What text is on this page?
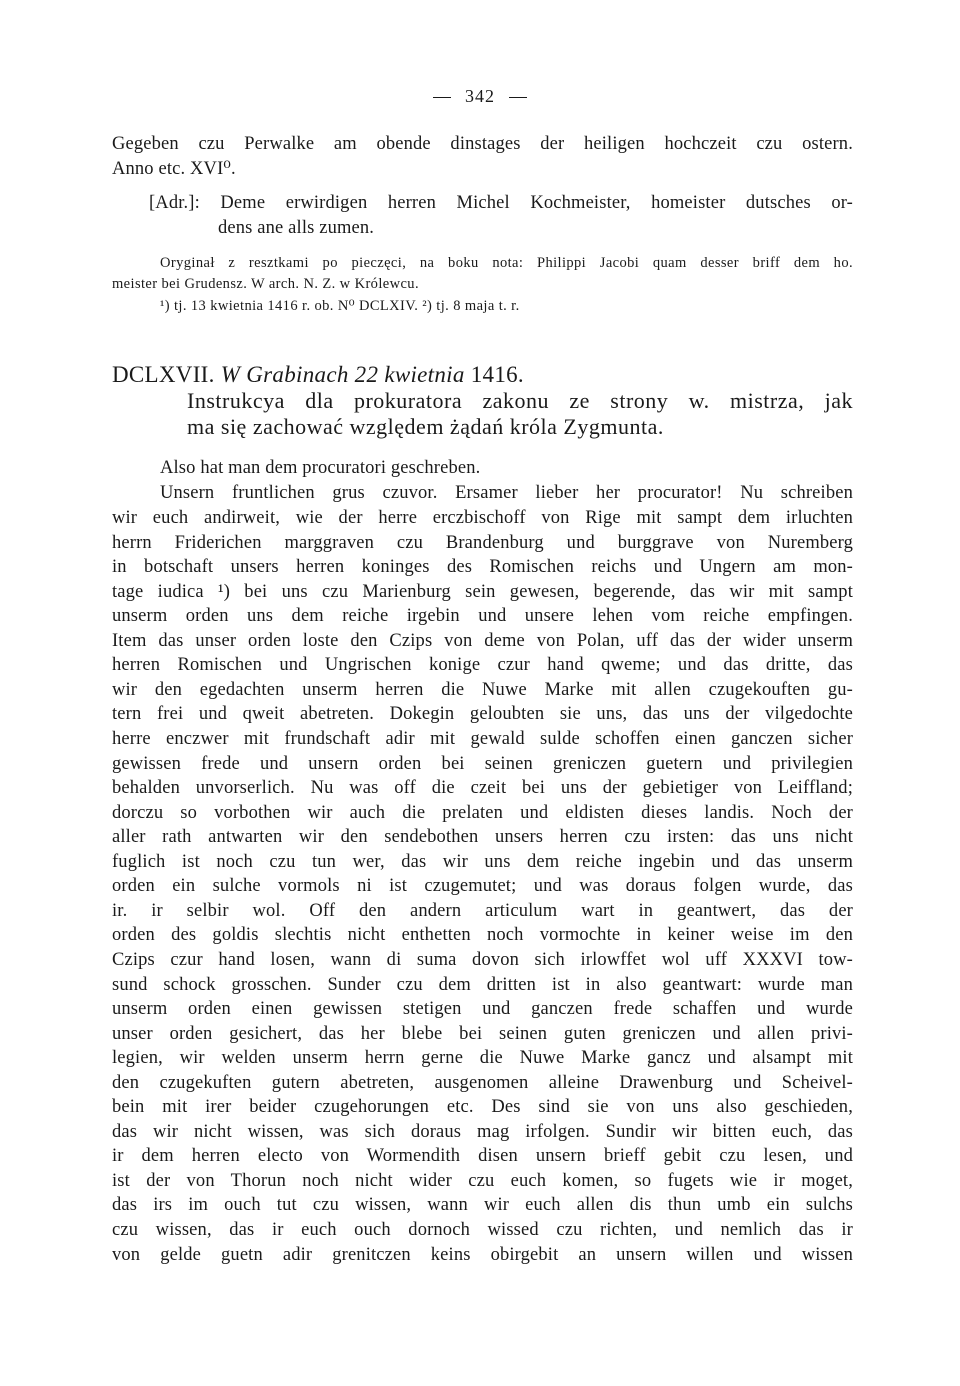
342
Gegeben czu Perwalke am obende dinstages der heiligen hochczeit czu ostern.
Anno etc. XVI⁰.
[Adr.]: Deme erwirdigen herren Michel Kochmeister, homeister dutsches or-
dens ane alls zumen.
Oryginał z resztkami po pieczęci, na boku nota: Philippi Jacobi quam desser briff dem ho.
meister bei Grudensz. W arch. N. Z. w Królewcu.
¹) tj. 13 kwietnia 1416 r. ob. N⁰ DCLXIV. ²) tj. 8 maja t. r.
DCLXVII. W Grabinach 22 kwietnia 1416.
Instrukcya dla prokuratora zakonu ze strony w. mistrza, jak
ma się zachować względem żądań króla Zygmunta.
Also hat man dem procuratori geschreben.
Unsern fruntlichen grus czuvor. Ersamer lieber her procurator! Nu schreiben
wir euch andirweit, wie der herre erczbischoff von Rige mit sampt dem irluchten
herrn Friderichen marggraven czu Brandenburg und burggrave von Nuremberg
in botschaft unsers herren koninges des Romischen reichs und Ungern am mon-
tage iudica ¹) bei uns czu Marienburg sein gewesen, begerende, das wir mit sampt
unserm orden uns dem reiche irgebin und unsere lehen vom reiche empfingen.
Item das unser orden loste den Czips von deme von Polan, uff das der wider unserm
herren Romischen und Ungrischen konige czur hand qweme; und das dritte, das
wir den egedachten unserm herren die Nuwe Marke mit allen czugekouften gu-
tern frei und qweit abetreten. Dokegin geloubten sie uns, das uns der vilgedochte
herre enczwer mit frundschaft adir mit gewald sulde schoffen einen ganczen sicher
gewissen frede und unsern orden bei seinen greniczen guetern und privilegien
behalden unvorserlich. Nu was off die czeit bei uns der gebietiger von Leiffland;
dorczu so vorbothen wir auch die prelaten und eldisten dieses landis. Noch der
aller rath antwarten wir den sendebothen unsers herren czu irsten: das uns nicht
fuglich ist noch czu tun wer, das wir uns dem reiche ingebin und das unserm
orden ein sulche vormols ni ist czugemutet; und was doraus folgen wurde, das
ir. ir selbir wol. Off den andern articulum wart in geantwert, das der
orden des goldis slechtis nicht enthetten noch vormochte in keiner weise im den
Czips czur hand losen, wann di suma dovon sich irlowffet wol uff XXXVI tow-
sund schock grosschen. Sunder czu dem dritten ist in also geantwart: wurde man
unserm orden einen gewissen stetigen und ganczen frede schaffen und wurde
unser orden gesichert, das her blebe bei seinen guten greniczen und allen privi-
legien, wir welden unserm herrn gerne die Nuwe Marke gancz und alsampt mit
den czugekuften gutern abetreten, ausgenomen alleine Drawenburg und Scheivel-
bein mit irer beider czugehorungen etc. Des sind sie von uns also geschieden,
das wir nicht wissen, was sich doraus mag irfolgen. Sundir wir bitten euch, das
ir dem herren electo von Wormendith disen unsern brieff gebit czu lesen, und
ist der von Thorun noch nicht wider czu euch komen, so fugets wie ir moget,
das irs im ouch tut czu wissen, wann wir euch allen dis thun umb ein sulchs
czu wissen, das ir euch ouch dornoch wissed czu richten, und nemlich das ir
von gelde guetn adir grenitczen keins obirgebit an unsern willen und wissen
